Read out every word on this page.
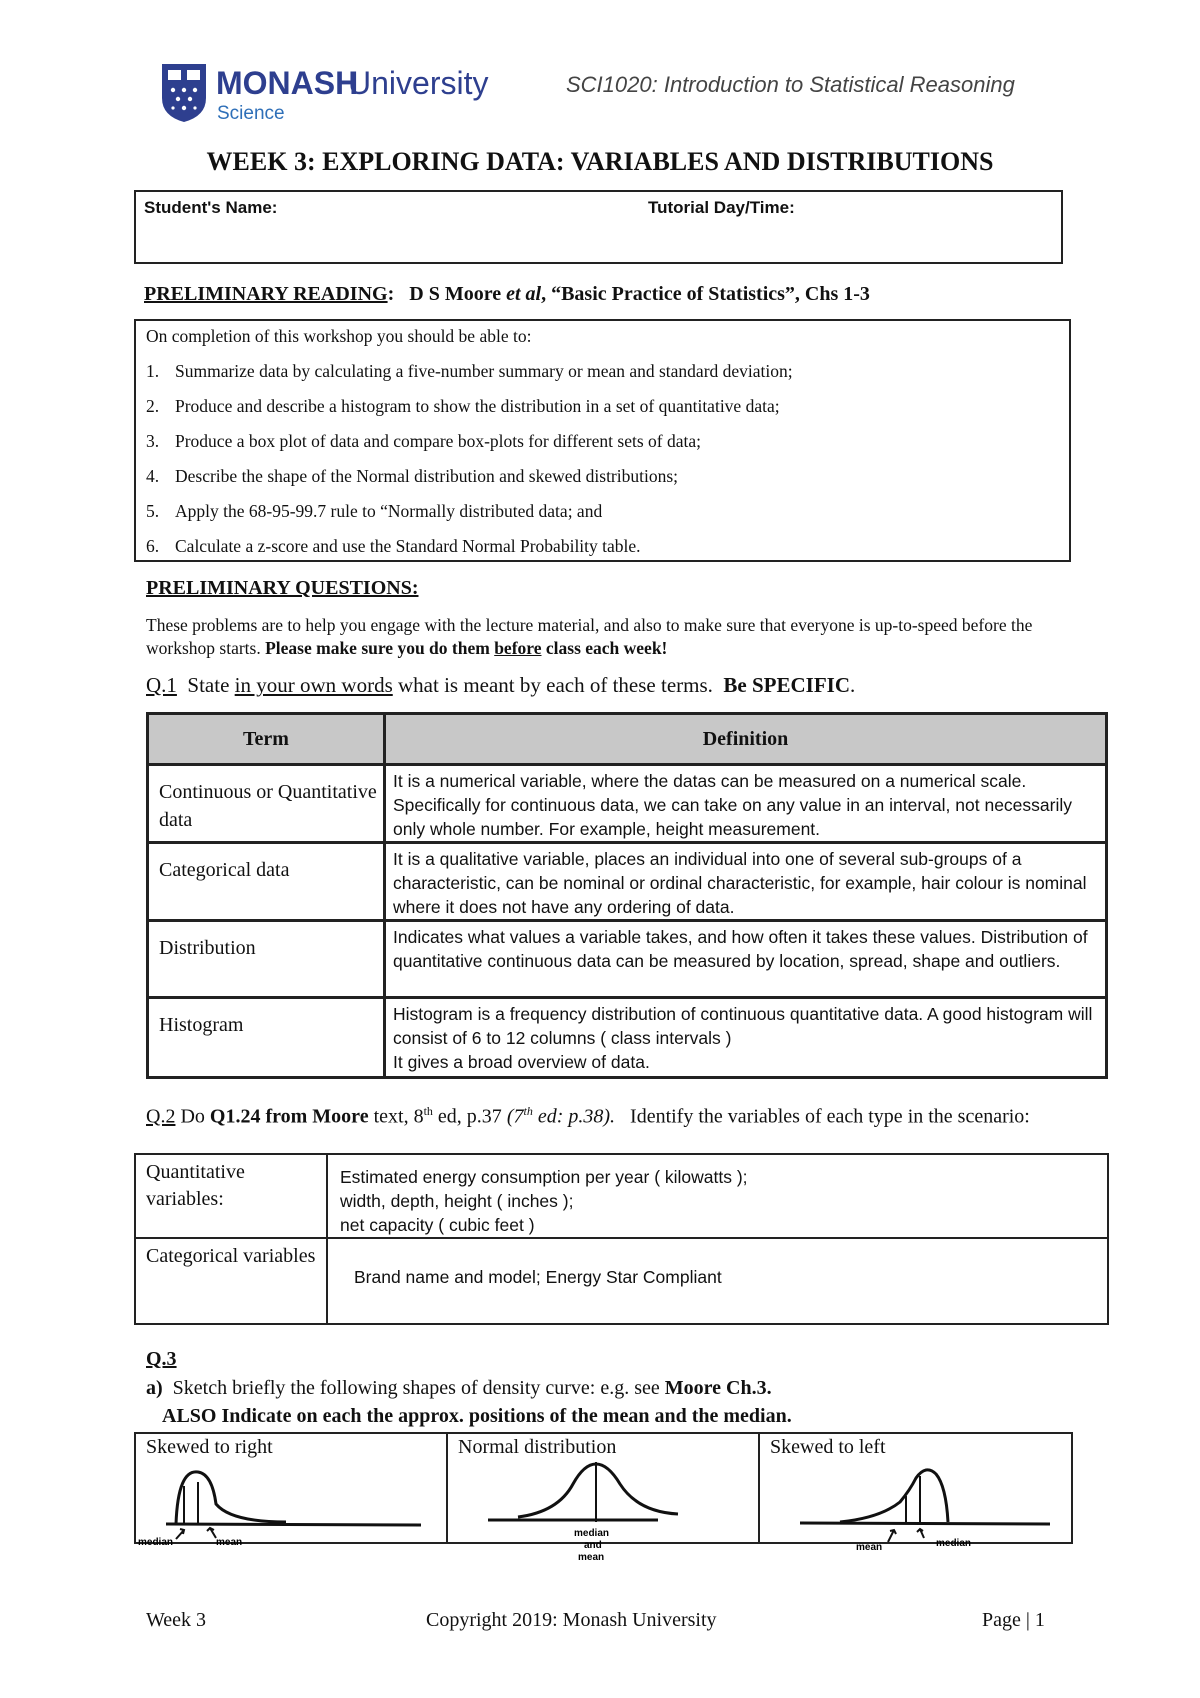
MONASH
University
Science
SCI1020: Introduction to Statistical Reasoning
WEEK 3: EXPLORING DATA: VARIABLES AND DISTRIBUTIONS
Student's Name:	Tutorial Day/Time:
PRELIMINARY READING: D S Moore et al, “Basic Practice of Statistics”, Chs 1-3
On completion of this workshop you should be able to:
1. Summarize data by calculating a five-number summary or mean and standard deviation;
2. Produce and describe a histogram to show the distribution in a set of quantitative data;
3. Produce a box plot of data and compare box-plots for different sets of data;
4. Describe the shape of the Normal distribution and skewed distributions;
5. Apply the 68-95-99.7 rule to “Normally distributed data; and
6. Calculate a z-score and use the Standard Normal Probability table.
PRELIMINARY QUESTIONS:
These problems are to help you engage with the lecture material, and also to make sure that everyone is up-to-speed before the workshop starts. Please make sure you do them before class each week!
Q.1  State in your own words what is meant by each of these terms.  Be SPECIFIC.
Term	Definition
Continuous or Quantitative data	It is a numerical variable, where the datas can be measured on a numerical scale. Specifically for continuous data, we can take on any value in an interval, not necessarily only whole number. For example, height measurement.
Categorical data	It is a qualitative variable, places an individual into one of several sub-groups of a characteristic, can be nominal or ordinal characteristic, for example, hair colour is nominal where it does not have any ordering of data.
Distribution	Indicates what values a variable takes, and how often it takes these values. Distribution of quantitative continuous data can be measured by location, spread, shape and outliers.
Histogram	Histogram is a frequency distribution of continuous quantitative data. A good histogram will consist of 6 to 12 columns ( class intervals )
It gives a broad overview of data.
Q.2 Do Q1.24 from Moore text, 8th ed, p.37 (7th ed: p.38).   Identify the variables of each type in the scenario:
Quantitative variables:	Estimated energy consumption per year ( kilowatts );
width, depth, height ( inches );
net capacity ( cubic feet )

Categorical variables	Brand name and model; Energy Star Compliant
Q.3
a)  Sketch briefly the following shapes of density curve: e.g. see Moore Ch.3.
ALSO Indicate on each the approx. positions of the mean and the median.
Skewed to right
median	mean
Normal distribution
median
and
mean
Skewed to left
mean	median
Week 3	Copyright 2019: Monash University	Page | 1
